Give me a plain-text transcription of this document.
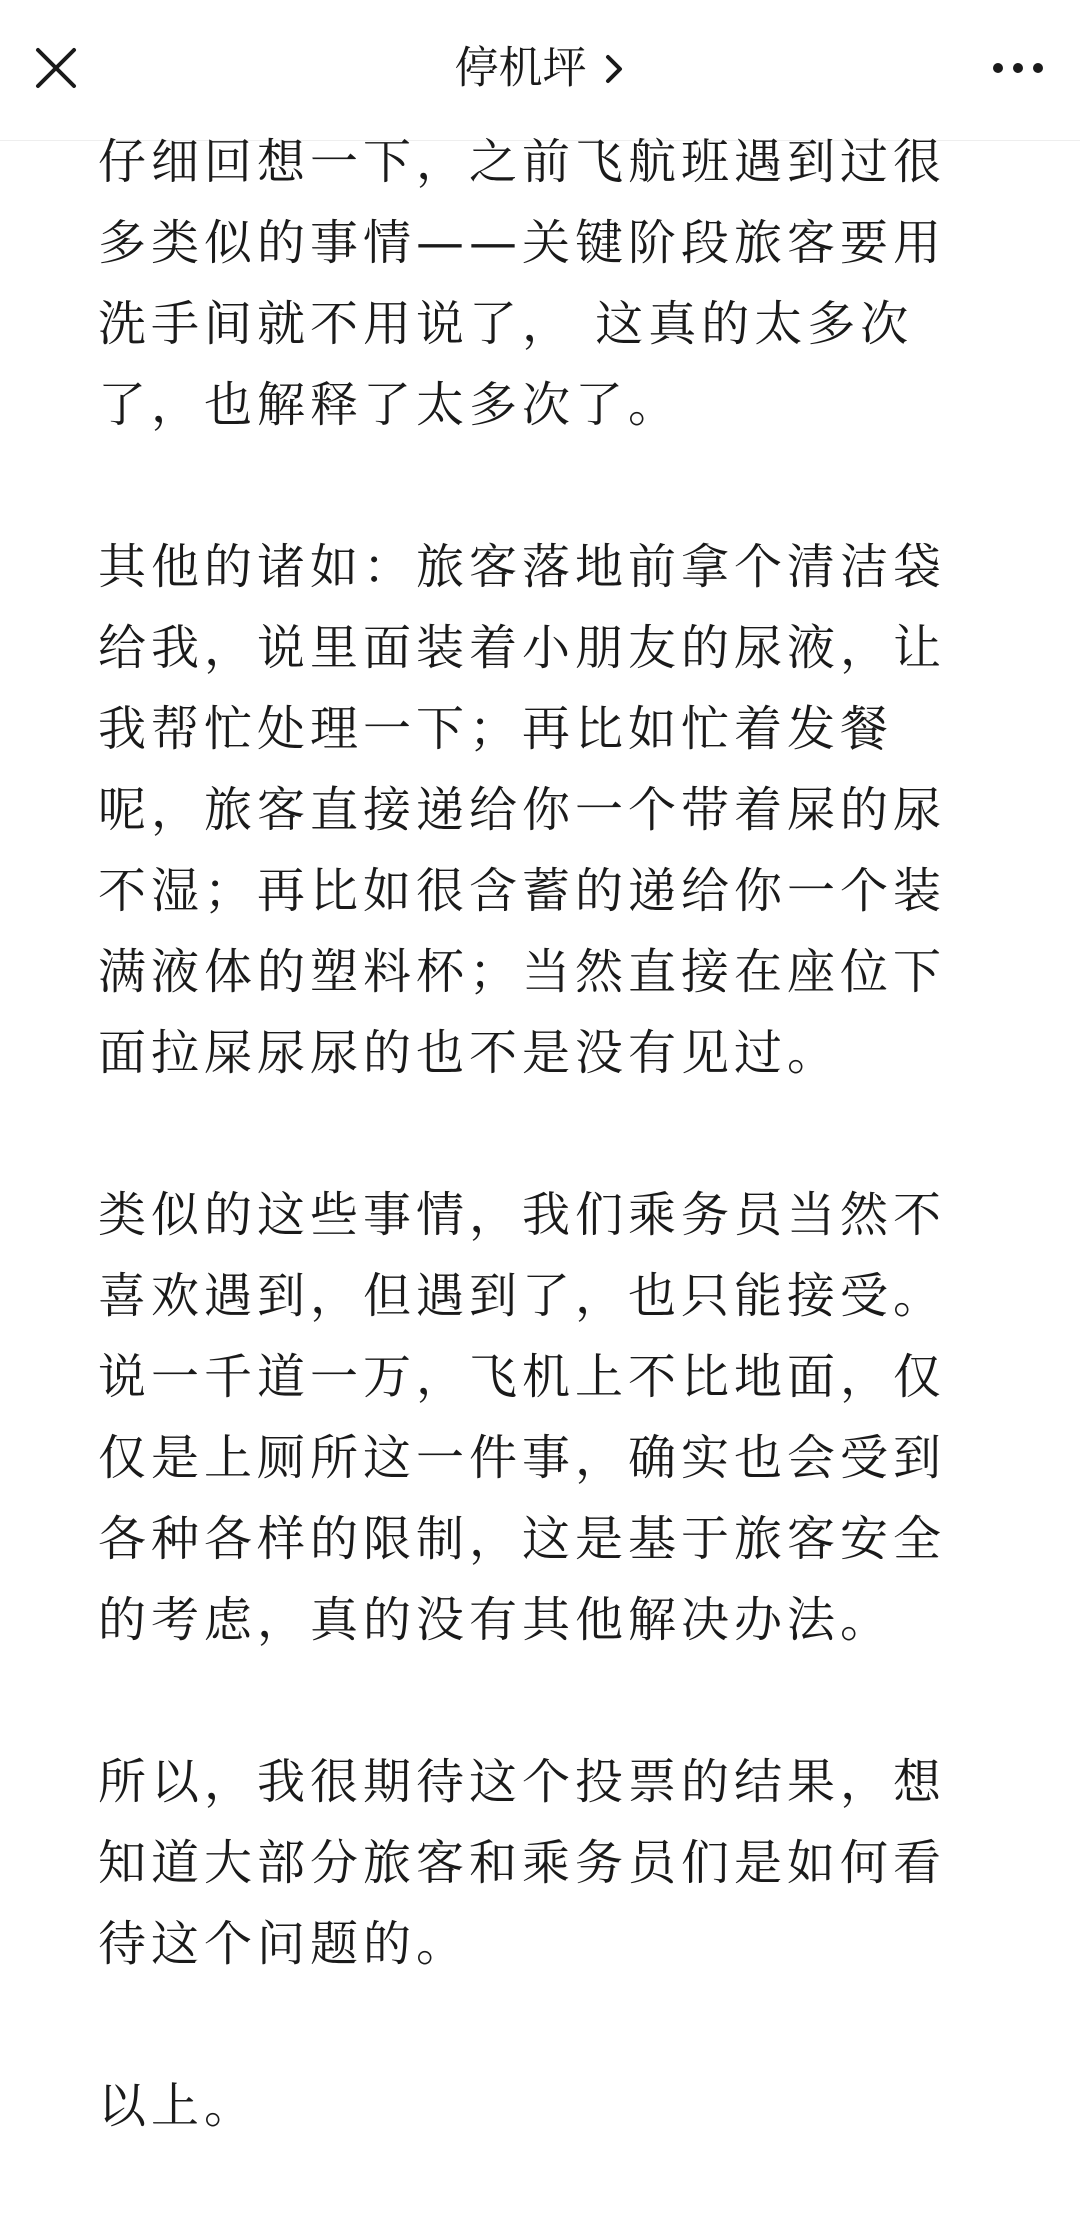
停机坪

仔细回想一下，之前飞航班遇到过很多类似的事情——关键阶段旅客要用洗手间就不用说了， 这真的太多次了，也解释了太多次了。

其他的诸如：旅客落地前拿个清洁袋给我，说里面装着小朋友的尿液，让我帮忙处理一下；再比如忙着发餐呢，旅客直接递给你一个带着屎的尿不湿；再比如很含蓄的递给你一个装满液体的塑料杯；当然直接在座位下面拉屎尿尿的也不是没有见过。

类似的这些事情，我们乘务员当然不喜欢遇到，但遇到了，也只能接受。说一千道一万，飞机上不比地面，仅仅是上厕所这一件事，确实也会受到各种各样的限制，这是基于旅客安全的考虑，真的没有其他解决办法。

所以，我很期待这个投票的结果，想知道大部分旅客和乘务员们是如何看待这个问题的。

以上。
